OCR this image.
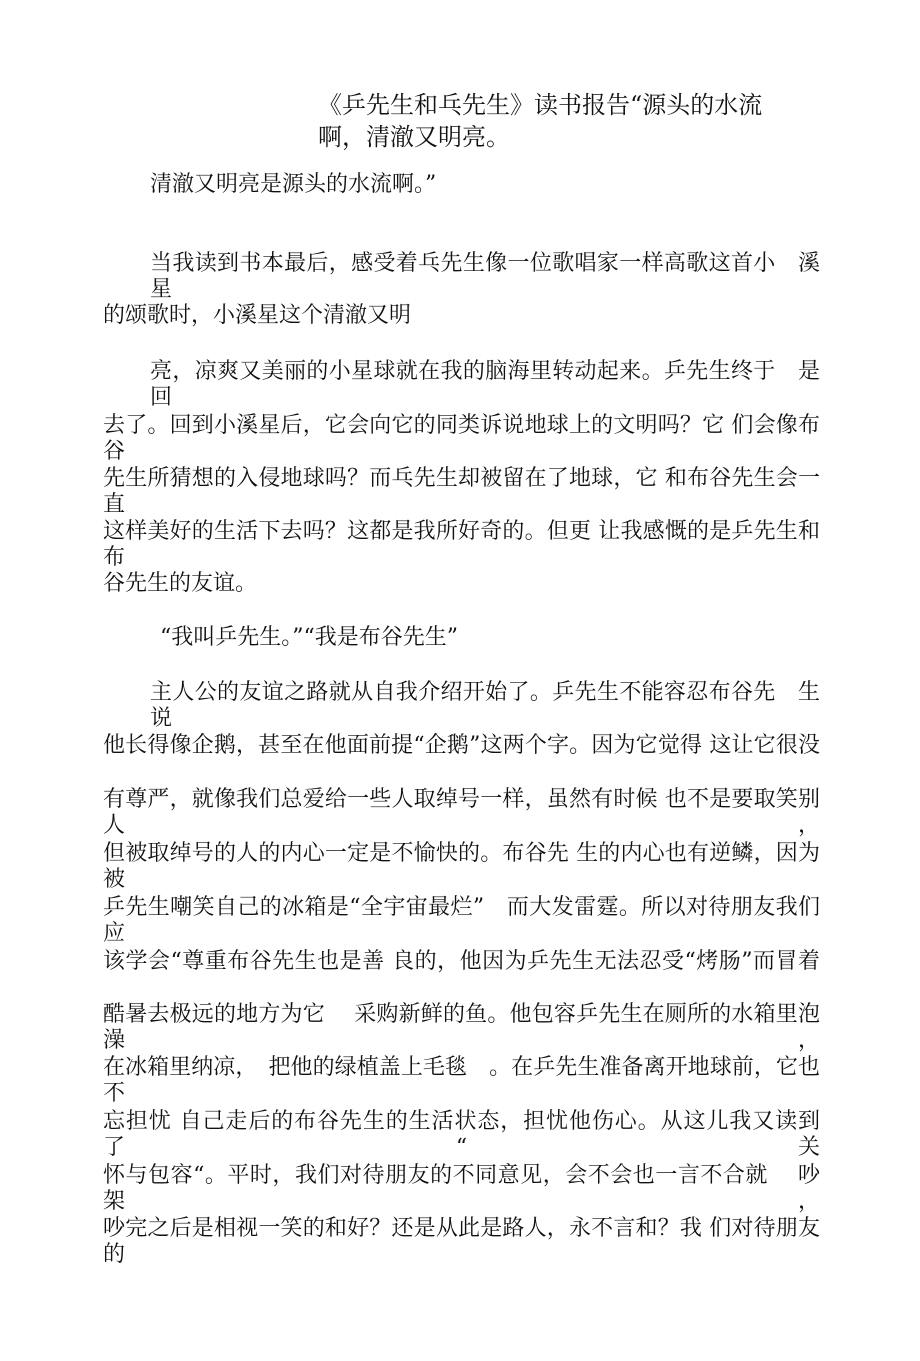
《乒先生和乓先生》读书报告“源头的水流
啊，清澈又明亮。
清澈又明亮是源头的水流啊。”
当我读到书本最后，感受着乓先生像一位歌唱家一样高歌这首小　溪星
的颂歌时，小溪星这个清澈又明
亮，凉爽又美丽的小星球就在我的脑海里转动起来。乒先生终于　是回
去了。回到小溪星后，它会向它的同类诉说地球上的文明吗？它 们会像布谷
先生所猜想的入侵地球吗？而乓先生却被留在了地球，它 和布谷先生会一直
这样美好的生活下去吗？这都是我所好奇的。但更 让我感慨的是乒先生和布
谷先生的友谊。
“我叫乒先生。”“我是布谷先生”
主人公的友谊之路就从自我介绍开始了。乒先生不能容忍布谷先　生说
他长得像企鹅，甚至在他面前提“企鹅”这两个字。因为它觉得 这让它很没
有尊严，就像我们总爱给一些人取绰号一样，虽然有时候 也不是要取笑别人，
但被取绰号的人的内心一定是不愉快的。布谷先 生的内心也有逆鳞，因为被
乒先生嘲笑自己的冰箱是“全宇宙最烂”　而大发雷霆。所以对待朋友我们应
该学会“尊重布谷先生也是善 良的，他因为乒先生无法忍受“烤肠”而冒着
酷暑去极远的地方为它　 采购新鲜的鱼。他包容乒先生在厕所的水箱里泡澡，
在冰箱里纳凉，　把他的绿植盖上毛毯　。在乒先生准备离开地球前，它也不
忘担忧 自己走后的布谷先生的生活状态，担忧他伤心。从这儿我又读到了“关
怀与包容“。平时，我们对待朋友的不同意见，会不会也一言不合就　 吵架，
吵完之后是相视一笑的和好？还是从此是路人，永不言和？我 们对待朋友的
